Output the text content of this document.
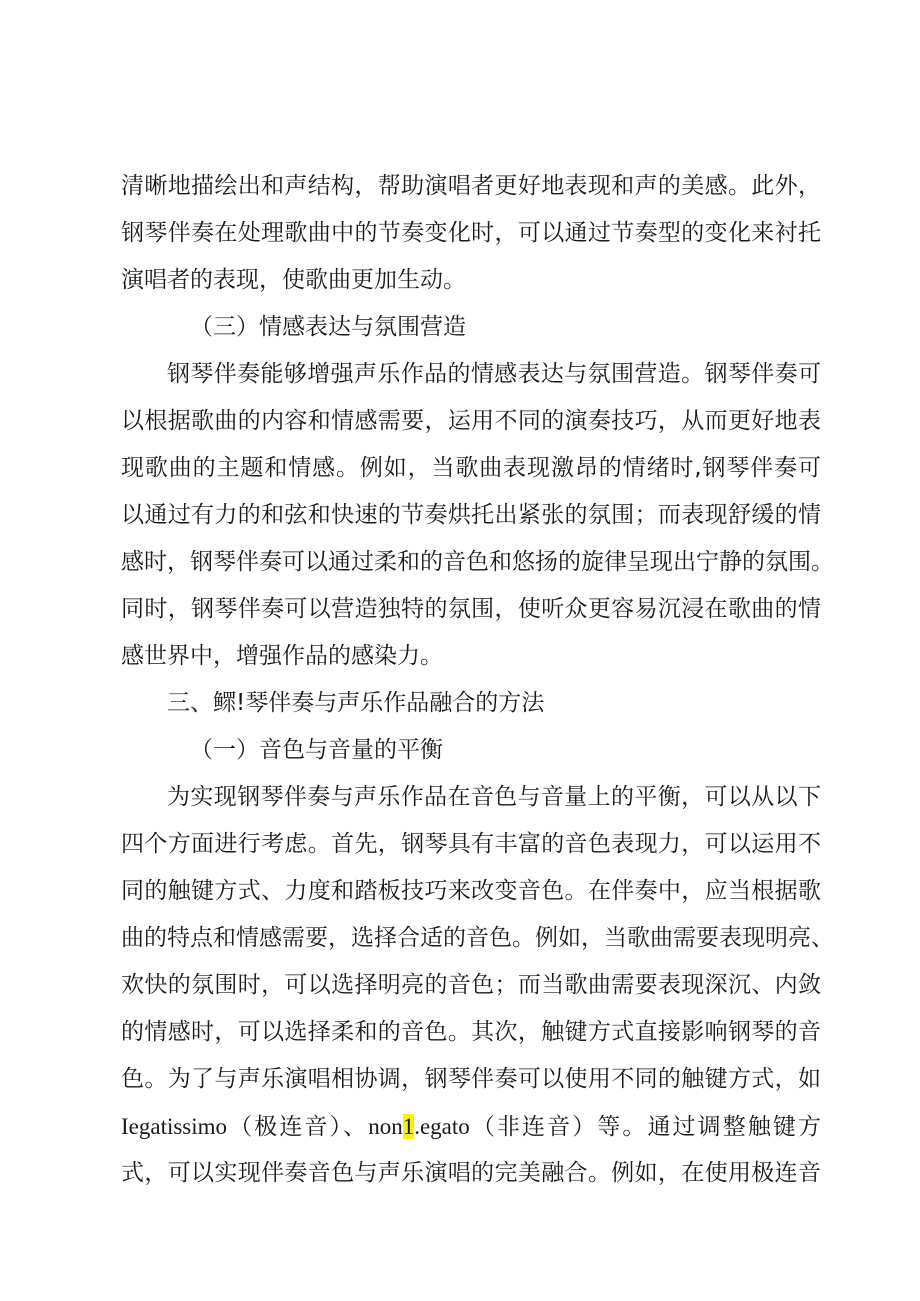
清晰地描绘出和声结构，帮助演唱者更好地表现和声的美感。此外，
钢琴伴奏在处理歌曲中的节奏变化时，可以通过节奏型的变化来衬托
演唱者的表现，使歌曲更加生动。
（三）情感表达与氛围营造
钢琴伴奏能够增强声乐作品的情感表达与氛围营造。钢琴伴奏可
以根据歌曲的内容和情感需要，运用不同的演奏技巧，从而更好地表
现歌曲的主题和情感。例如，当歌曲表现激昂的情绪时,钢琴伴奏可
以通过有力的和弦和快速的节奏烘托出紧张的氛围；而表现舒缓的情
感时，钢琴伴奏可以通过柔和的音色和悠扬的旋律呈现出宁静的氛围。
同时，钢琴伴奏可以营造独特的氛围，使听众更容易沉浸在歌曲的情
感世界中，增强作品的感染力。
三、鳏!琴伴奏与声乐作品融合的方法
（一）音色与音量的平衡
为实现钢琴伴奏与声乐作品在音色与音量上的平衡，可以从以下
四个方面进行考虑。首先，钢琴具有丰富的音色表现力，可以运用不
同的触键方式、力度和踏板技巧来改变音色。在伴奏中，应当根据歌
曲的特点和情感需要，选择合适的音色。例如，当歌曲需要表现明亮、
欢快的氛围时，可以选择明亮的音色；而当歌曲需要表现深沉、内敛
的情感时，可以选择柔和的音色。其次，触键方式直接影响钢琴的音
色。为了与声乐演唱相协调，钢琴伴奏可以使用不同的触键方式，如
Iegatissimo（极连音）、non1.egato（非连音）等。通过调整触键方
式，可以实现伴奏音色与声乐演唱的完美融合。例如，在使用极连音
